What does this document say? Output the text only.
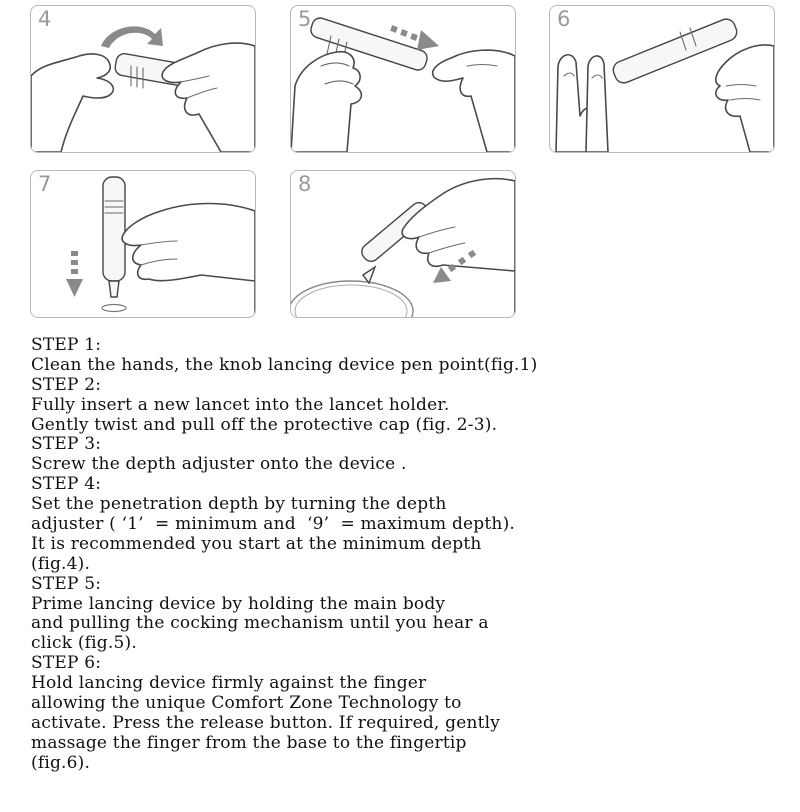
4	5	6
7	8
STEP 1:
Clean the hands, the knob lancing device pen point(fig.1)
STEP 2:
Fully insert a new lancet into the lancet holder.
Gently twist and pull off the protective cap (fig. 2-3).
STEP 3:
Screw the depth adjuster onto the device .
STEP 4:
Set the penetration depth by turning the depth
adjuster ( ‘1’  = minimum and  ‘9’  = maximum depth).
It is recommended you start at the minimum depth
(fig.4).
STEP 5:
Prime lancing device by holding the main body
and pulling the cocking mechanism until you hear a
click (fig.5).
STEP 6:
Hold lancing device firmly against the finger
allowing the unique Comfort Zone Technology to
activate. Press the release button. If required, gently
massage the finger from the base to the fingertip
(fig.6).
